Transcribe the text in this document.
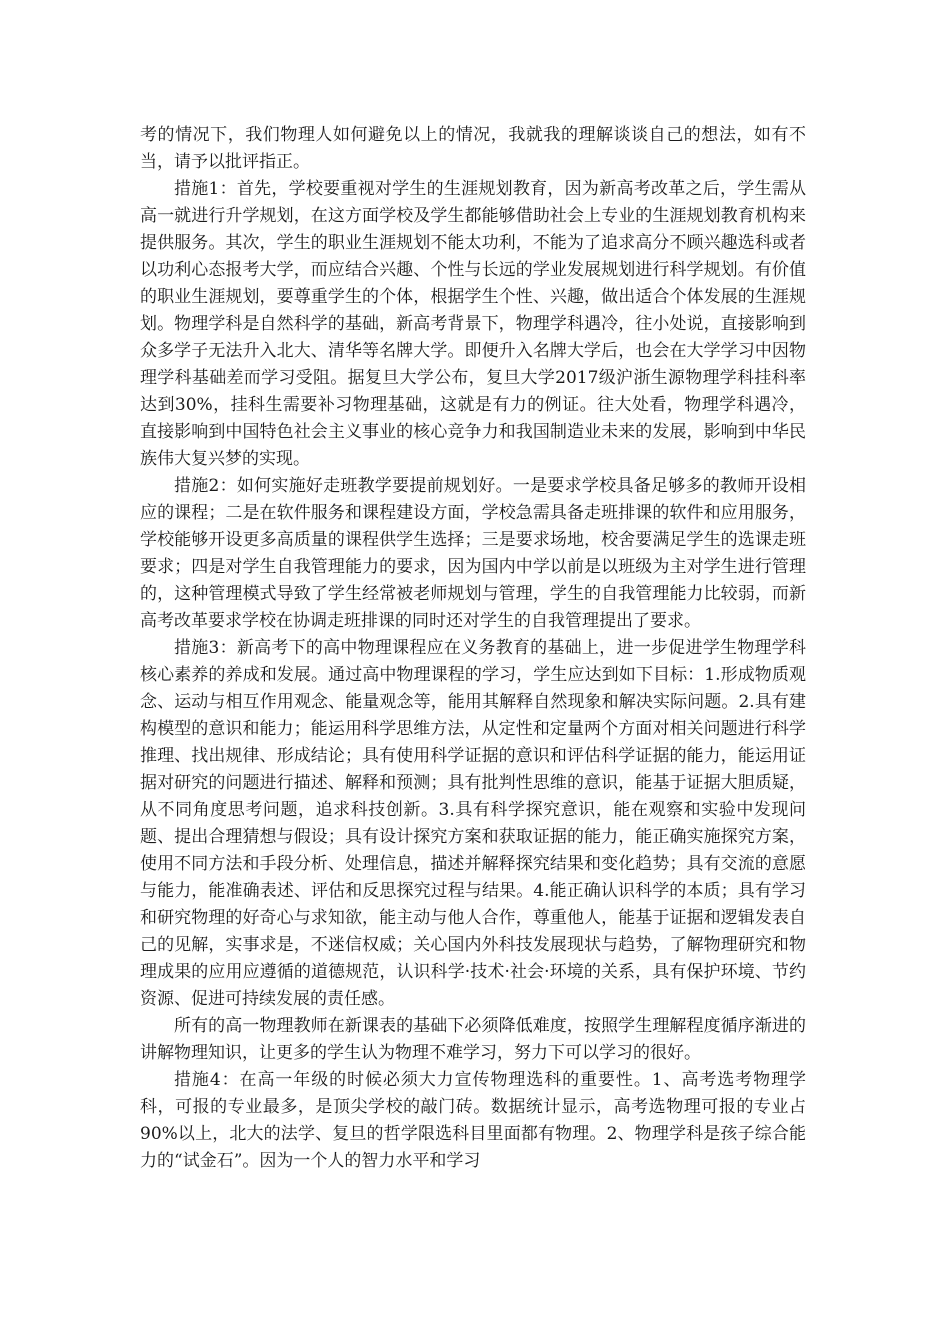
考的情况下，我们物理人如何避免以上的情况，我就我的理解谈谈自己的想法，如有不当，请予以批评指正。

措施1：首先，学校要重视对学生的生涯规划教育，因为新高考改革之后，学生需从高一就进行升学规划，在这方面学校及学生都能够借助社会上专业的生涯规划教育机构来提供服务。其次，学生的职业生涯规划不能太功利，不能为了追求高分不顾兴趣选科或者以功利心态报考大学，而应结合兴趣、个性与长远的学业发展规划进行科学规划。有价值的职业生涯规划，要尊重学生的个体，根据学生个性、兴趣，做出适合个体发展的生涯规划。物理学科是自然科学的基础，新高考背景下，物理学科遇冷，往小处说，直接影响到众多学子无法升入北大、清华等名牌大学。即便升入名牌大学后，也会在大学学习中因物理学科基础差而学习受阻。据复旦大学公布，复旦大学2017级沪浙生源物理学科挂科率达到30%，挂科生需要补习物理基础，这就是有力的例证。往大处看，物理学科遇冷，直接影响到中国特色社会主义事业的核心竞争力和我国制造业未来的发展，影响到中华民族伟大复兴梦的实现。

措施2：如何实施好走班教学要提前规划好。一是要求学校具备足够多的教师开设相应的课程；二是在软件服务和课程建设方面，学校急需具备走班排课的软件和应用服务，学校能够开设更多高质量的课程供学生选择；三是要求场地，校舍要满足学生的选课走班要求；四是对学生自我管理能力的要求，因为国内中学以前是以班级为主对学生进行管理的，这种管理模式导致了学生经常被老师规划与管理，学生的自我管理能力比较弱，而新高考改革要求学校在协调走班排课的同时还对学生的自我管理提出了要求。

措施3：新高考下的高中物理课程应在义务教育的基础上，进一步促进学生物理学科核心素养的养成和发展。通过高中物理课程的学习，学生应达到如下目标：1.形成物质观念、运动与相互作用观念、能量观念等，能用其解释自然现象和解决实际问题。2.具有建构模型的意识和能力；能运用科学思维方法，从定性和定量两个方面对相关问题进行科学推理、找出规律、形成结论；具有使用科学证据的意识和评估科学证据的能力，能运用证据对研究的问题进行描述、解释和预测；具有批判性思维的意识，能基于证据大胆质疑，从不同角度思考问题，追求科技创新。3.具有科学探究意识，能在观察和实验中发现问题、提出合理猜想与假设；具有设计探究方案和获取证据的能力，能正确实施探究方案，使用不同方法和手段分析、处理信息，描述并解释探究结果和变化趋势；具有交流的意愿与能力，能准确表述、评估和反思探究过程与结果。4.能正确认识科学的本质；具有学习和研究物理的好奇心与求知欲，能主动与他人合作，尊重他人，能基于证据和逻辑发表自己的见解，实事求是，不迷信权威；关心国内外科技发展现状与趋势，了解物理研究和物理成果的应用应遵循的道德规范，认识科学·技术·社会·环境的关系，具有保护环境、节约资源、促进可持续发展的责任感。

所有的高一物理教师在新课表的基础下必须降低难度，按照学生理解程度循序渐进的讲解物理知识，让更多的学生认为物理不难学习，努力下可以学习的很好。

措施4：在高一年级的时候必须大力宣传物理选科的重要性。1、高考选考物理学科，可报的专业最多，是顶尖学校的敲门砖。数据统计显示，高考选物理可报的专业占90%以上，北大的法学、复旦的哲学限选科目里面都有物理。2、物理学科是孩子综合能力的“试金石”。因为一个人的智力水平和学习
